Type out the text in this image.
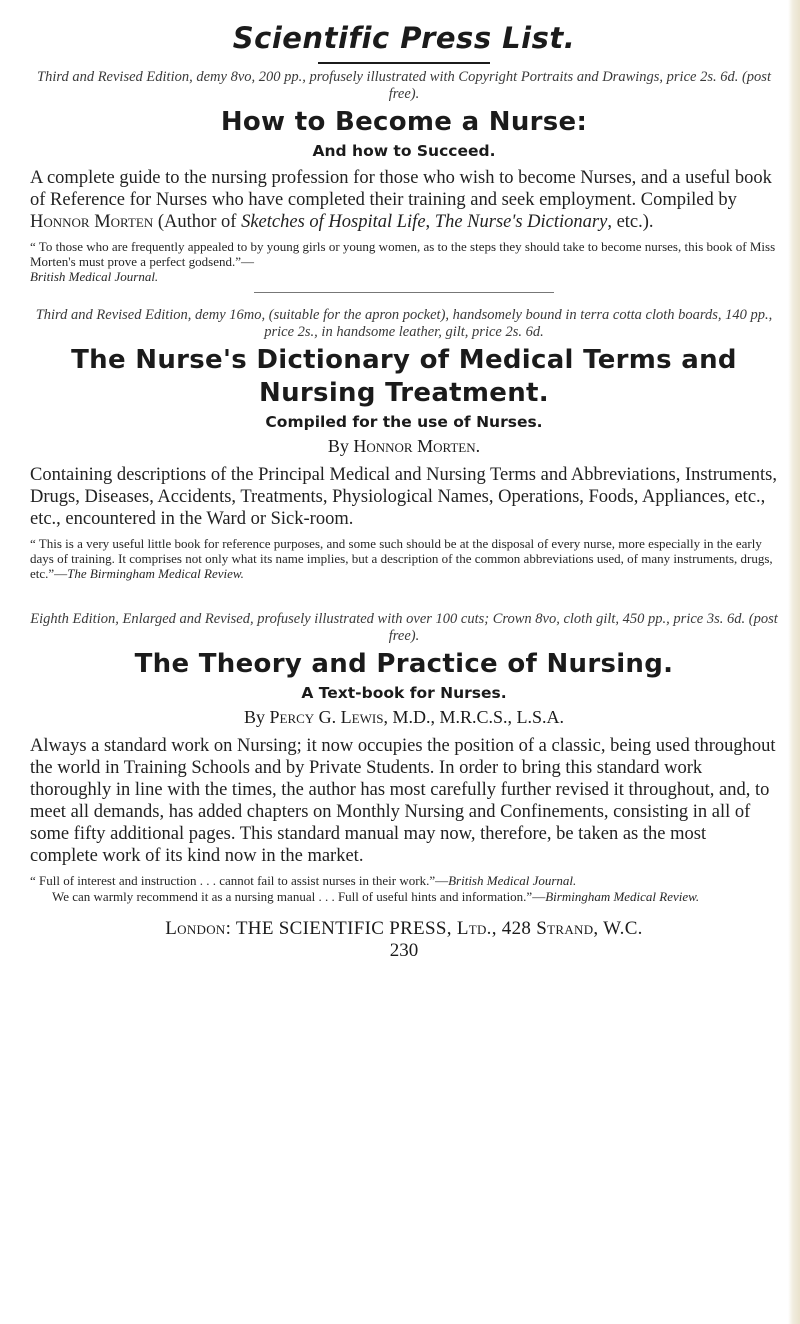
Scientific Press List.

Third and Revised Edition, demy 8vo, 200 pp., profusely illustrated with Copyright Portraits and Drawings, price 2s. 6d. (post free).

How to Become a Nurse:
And how to Succeed.

A complete guide to the nursing profession for those who wish to become Nurses, and a useful book of Reference for Nurses who have completed their training and seek employment. Compiled by Honnor Morten (Author of Sketches of Hospital Life, The Nurse's Dictionary, etc.).

“ To those who are frequently appealed to by young girls or young women, as to the steps they should take to become nurses, this book of Miss Morten's must prove a perfect godsend.”—
British Medical Journal.

Third and Revised Edition, demy 16mo, (suitable for the apron pocket), handsomely bound in terra cotta cloth boards, 140 pp., price 2s., in handsome leather, gilt, price 2s. 6d.

The Nurse's Dictionary of Medical Terms and Nursing Treatment.
Compiled for the use of Nurses.

By Honnor Morten.

Containing descriptions of the Principal Medical and Nursing Terms and Abbreviations, Instruments, Drugs, Diseases, Accidents, Treatments, Physiological Names, Operations, Foods, Appliances, etc., etc., encountered in the Ward or Sick-room.

“ This is a very useful little book for reference purposes, and some such should be at the disposal of every nurse, more especially in the early days of training. It comprises not only what its name implies, but a description of the common abbreviations used, of many instruments, drugs, etc.”—The Birmingham Medical Review.

Eighth Edition, Enlarged and Revised, profusely illustrated with over 100 cuts; Crown 8vo, cloth gilt, 450 pp., price 3s. 6d. (post free).

The Theory and Practice of Nursing.
A Text-book for Nurses.

By Percy G. Lewis, M.D., M.R.C.S., L.S.A.

Always a standard work on Nursing; it now occupies the position of a classic, being used throughout the world in Training Schools and by Private Students. In order to bring this standard work thoroughly in line with the times, the author has most carefully further revised it throughout, and, to meet all demands, has added chapters on Monthly Nursing and Confinements, consisting in all of some fifty additional pages. This standard manual may now, therefore, be taken as the most complete work of its kind now in the market.

“ Full of interest and instruction . . . cannot fail to assist nurses in their work.”—British Medical Journal.

We can warmly recommend it as a nursing manual . . . Full of useful hints and information.”—Birmingham Medical Review.

London: THE SCIENTIFIC PRESS, Ltd., 428 Strand, W.C.
230
